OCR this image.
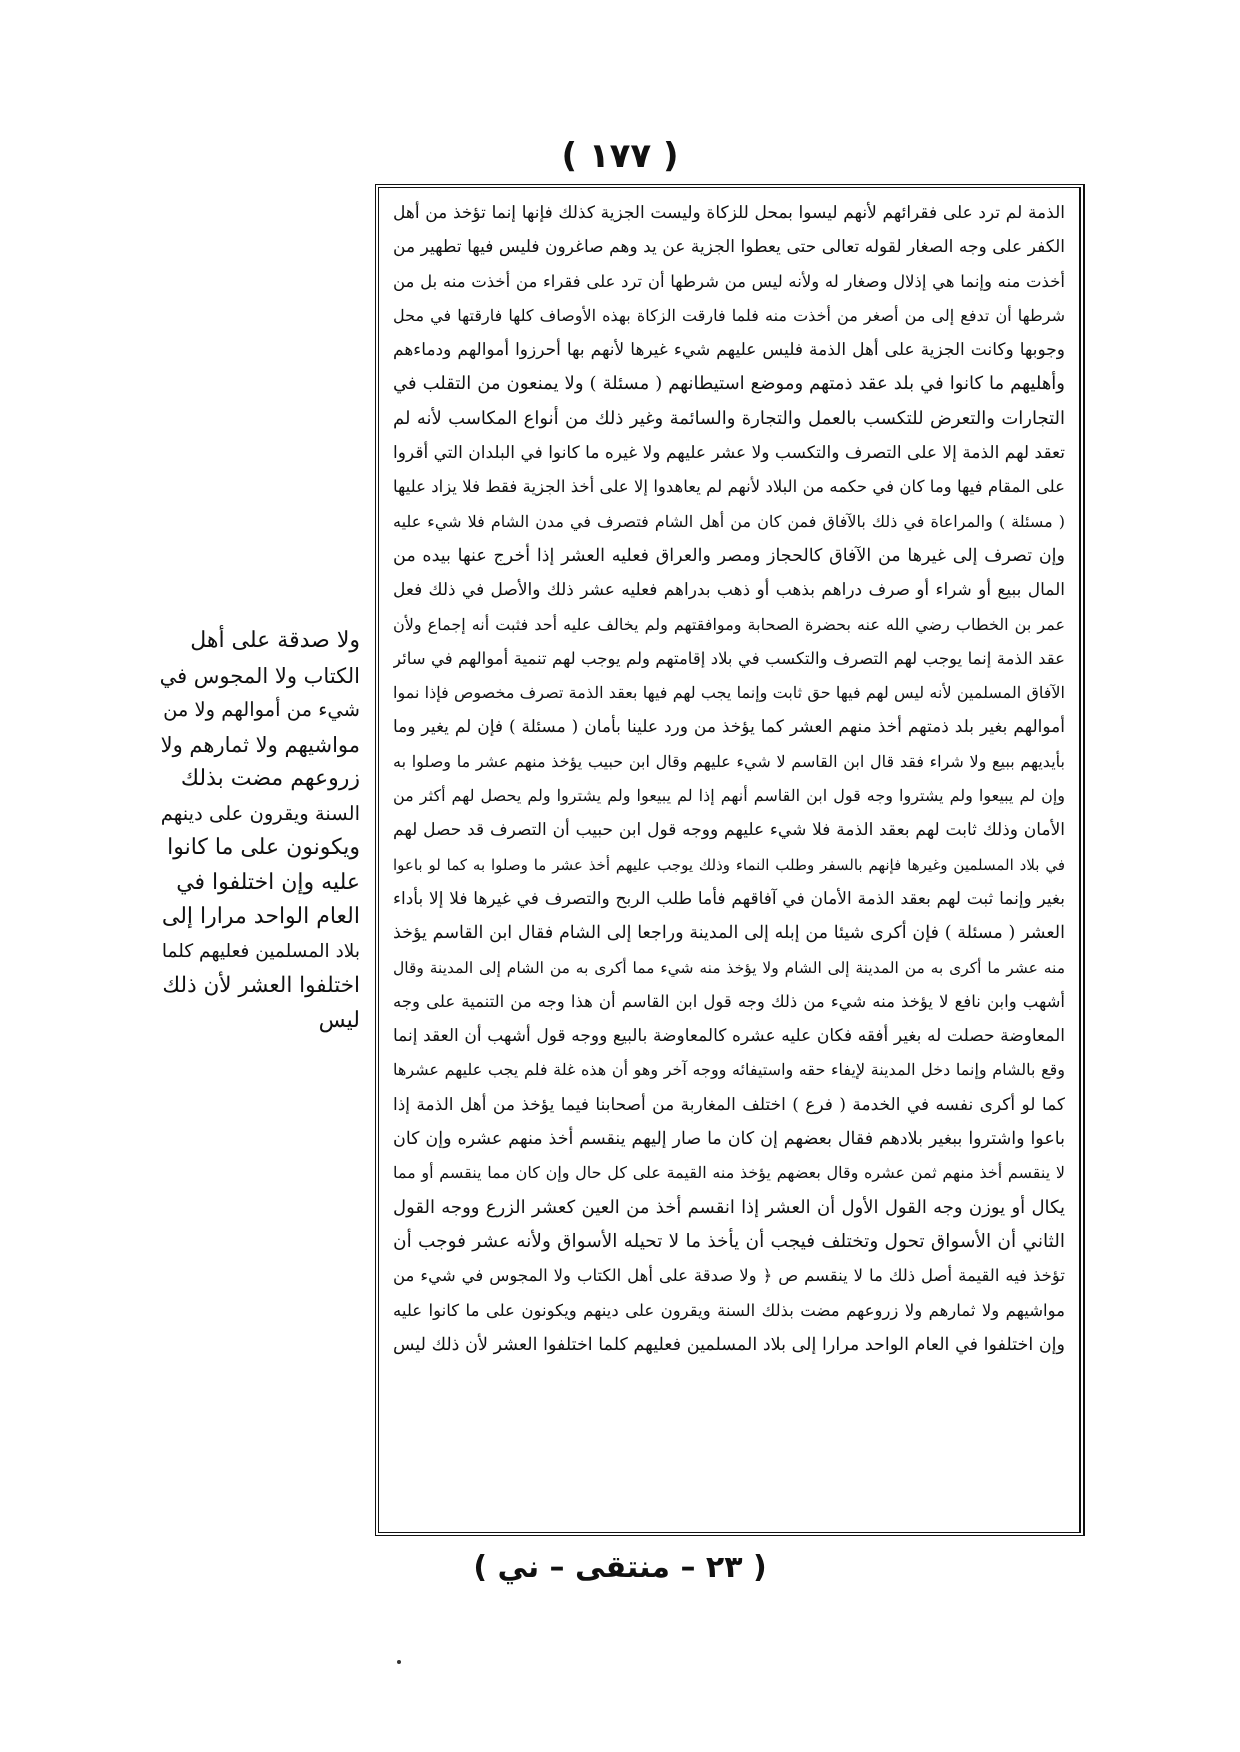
( ١٧٧ )
الذمة لم ترد على فقرائهم لأنهم ليسوا بمحل للزكاة وليست الجزية كذلك فإنها إنما تؤخذ من أهل
الكفر على وجه الصغار لقوله تعالى حتى يعطوا الجزية عن يد وهم صاغرون فليس فيها تطهير من
أخذت منه وإنما هي إذلال وصغار له ولأنه ليس من شرطها أن ترد على فقراء من أخذت منه بل من
شرطها أن تدفع إلى من أصغر من أخذت منه فلما فارقت الزكاة بهذه الأوصاف كلها فارقتها في محل
وجوبها وكانت الجزية على أهل الذمة فليس عليهم شيء غيرها لأنهم بها أحرزوا أموالهم ودماءهم
وأهليهم ما كانوا في بلد عقد ذمتهم وموضع استيطانهم ( مسئلة ) ولا يمنعون من التقلب في
التجارات والتعرض للتكسب بالعمل والتجارة والسائمة وغير ذلك من أنواع المكاسب لأنه لم
تعقد لهم الذمة إلا على التصرف والتكسب ولا عشر عليهم ولا غيره ما كانوا في البلدان التي أقروا
على المقام فيها وما كان في حكمه من البلاد لأنهم لم يعاهدوا إلا على أخذ الجزية فقط فلا يزاد عليها
( مسئلة ) والمراعاة في ذلك بالآفاق فمن كان من أهل الشام فتصرف في مدن الشام فلا شيء عليه
وإن تصرف إلى غيرها من الآفاق كالحجاز ومصر والعراق فعليه العشر إذا أخرج عنها بيده من
المال ببيع أو شراء أو صرف دراهم بذهب أو ذهب بدراهم فعليه عشر ذلك والأصل في ذلك فعل
عمر بن الخطاب رضي الله عنه بحضرة الصحابة وموافقتهم ولم يخالف عليه أحد فثبت أنه إجماع ولأن
عقد الذمة إنما يوجب لهم التصرف والتكسب في بلاد إقامتهم ولم يوجب لهم تنمية أموالهم في سائر
الآفاق المسلمين لأنه ليس لهم فيها حق ثابت وإنما يجب لهم فيها بعقد الذمة تصرف مخصوص فإذا نموا
أموالهم بغير بلد ذمتهم أخذ منهم العشر كما يؤخذ من ورد علينا بأمان ( مسئلة ) فإن لم يغير وما
بأيديهم ببيع ولا شراء فقد قال ابن القاسم لا شيء عليهم وقال ابن حبيب يؤخذ منهم عشر ما وصلوا به
وإن لم يبيعوا ولم يشتروا وجه قول ابن القاسم أنهم إذا لم يبيعوا ولم يشتروا ولم يحصل لهم أكثر من
الأمان وذلك ثابت لهم بعقد الذمة فلا شيء عليهم ووجه قول ابن حبيب أن التصرف قد حصل لهم
في بلاد المسلمين وغيرها فإنهم بالسفر وطلب النماء وذلك يوجب عليهم أخذ عشر ما وصلوا به كما لو باعوا
بغير وإنما ثبت لهم بعقد الذمة الأمان في آفاقهم فأما طلب الربح والتصرف في غيرها فلا إلا بأداء
العشر ( مسئلة ) فإن أكرى شيئا من إبله إلى المدينة وراجعا إلى الشام فقال ابن القاسم يؤخذ
منه عشر ما أكرى به من المدينة إلى الشام ولا يؤخذ منه شيء مما أكرى به من الشام إلى المدينة وقال
أشهب وابن نافع لا يؤخذ منه شيء من ذلك وجه قول ابن القاسم أن هذا وجه من التنمية على وجه
المعاوضة حصلت له بغير أفقه فكان عليه عشره كالمعاوضة بالبيع ووجه قول أشهب أن العقد إنما
وقع بالشام وإنما دخل المدينة لإيفاء حقه واستيفائه ووجه آخر وهو أن هذه غلة فلم يجب عليهم عشرها
كما لو أكرى نفسه في الخدمة ( فرع ) اختلف المغاربة من أصحابنا فيما يؤخذ من أهل الذمة إذا
باعوا واشتروا ببغير بلادهم فقال بعضهم إن كان ما صار إليهم ينقسم أخذ منهم عشره وإن كان
لا ينقسم أخذ منهم ثمن عشره وقال بعضهم يؤخذ منه القيمة على كل حال وإن كان مما ينقسم أو مما
يكال أو يوزن وجه القول الأول أن العشر إذا انقسم أخذ من العين كعشر الزرع ووجه القول
الثاني أن الأسواق تحول وتختلف فيجب أن يأخذ ما لا تحيله الأسواق ولأنه عشر فوجب أن
تؤخذ فيه القيمة أصل ذلك ما لا ينقسم ص ﴿ ولا صدقة على أهل الكتاب ولا المجوس في شيء من
مواشيهم ولا ثمارهم ولا زروعهم مضت بذلك السنة ويقرون على دينهم ويكونون على ما كانوا عليه
وإن اختلفوا في العام الواحد مرارا إلى بلاد المسلمين فعليهم كلما اختلفوا العشر لأن ذلك ليس
ولا صدقة على أهل
الكتاب ولا المجوس في
شيء من أموالهم ولا من
مواشيهم ولا ثمارهم ولا
زروعهم مضت بذلك
السنة ويقرون على دينهم
ويكونون على ما كانوا
عليه وإن اختلفوا في
العام الواحد مرارا إلى
بلاد المسلمين فعليهم كلما
اختلفوا العشر لأن ذلك
ليس
( ٢٣ – منتقى – ني )
